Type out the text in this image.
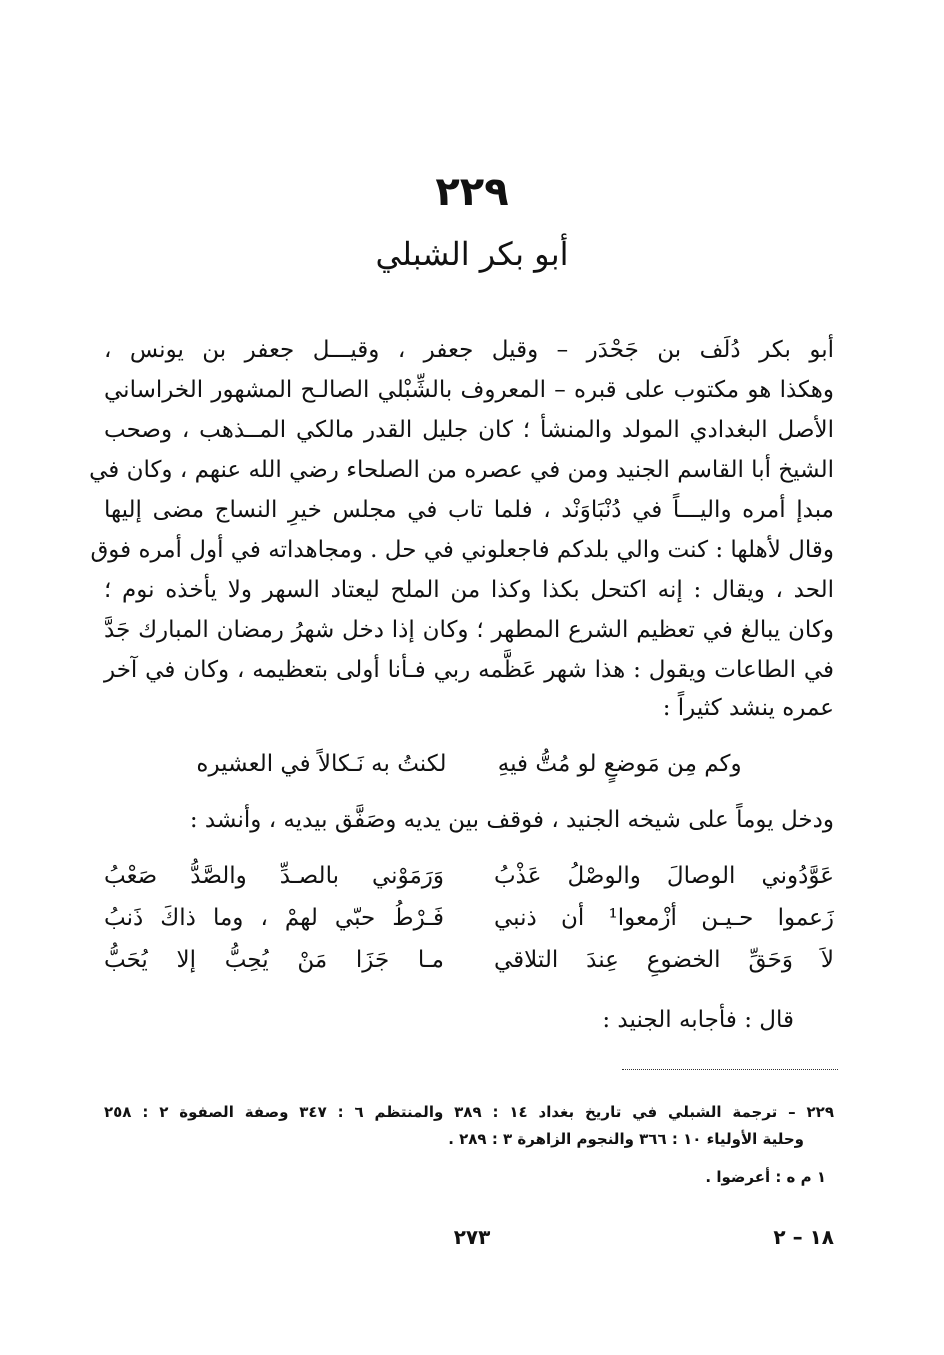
٢٢٩
أبو بكر الشبلي
أبو بكر دُلَف بن جَحْدَر – وقيل جعفر ، وقيـــل جعفر بن يونس ،
وهكذا هو مكتوب على قبره – المعروف بالشِّبْلي الصالـح المشهور الخراساني
الأصل البغدادي المولد والمنشأ ؛ كان جليل القدر مالكي المــذهب ، وصحب
الشيخ أبا القاسم الجنيد ومن في عصره من الصلحاء رضي الله عنهم ، وكان في
مبدإ أمره واليـــاً في دُنْبَاوَنْد ، فلما تاب في مجلس خيرِ النساج مضى إليها
وقال لأهلها : كنت والي بلدكم فاجعلوني في حل . ومجاهداته في أول أمره فوق
الحد ، ويقال : إنه اكتحل بكذا وكذا من الملح ليعتاد السهر ولا يأخذه نوم ؛
وكان يبالغ في تعظيم الشرع المطهر ؛ وكان إذا دخل شهرُ رمضان المبارك جَدَّ
في الطاعات ويقول : هذا شهر عَظَّمه ربي فـأنا أولى بتعظيمه ، وكان في آخر
عمره ينشد كثيراً :
وكم مِن مَوضعٍ لو مُتُّ فيهِ لكنتُ به نَـكالاً في العشيره
ودخل يوماً على شيخه الجنيد ، فوقف بين يديه وصَفَّق بيديه ، وأنشد :
عَوَّدُوني الوصالَ والوصْلُ عَذْبُ
وَرَمَوْني بالصـدِّ والصَّدُّ صَعْبُ
زَعموا حـيـن أزْمعوا¹ أن ذنبي
فَـرْطُ حبّي لهمْ ، وما ذاكَ ذَنبُ
لاَ وَحَقِّ الخضوعِ عِندَ التلاقي
مـا جَزَا مَنْ يُحِبُّ إلا يُحَبُّ
قال : فأجابه الجنيد :
٢٢٩ – ترجمة الشبلي في تاريخ بغداد ١٤ : ٣٨٩ والمنتظم ٦ : ٣٤٧ وصفة الصفوة ٢ : ٢٥٨
وحلية الأولياء ١٠ : ٣٦٦ والنجوم الزاهرة ٣ : ٢٨٩ .
١ م ه : أعرضوا .
٢٧٣	١٨ – ٢
